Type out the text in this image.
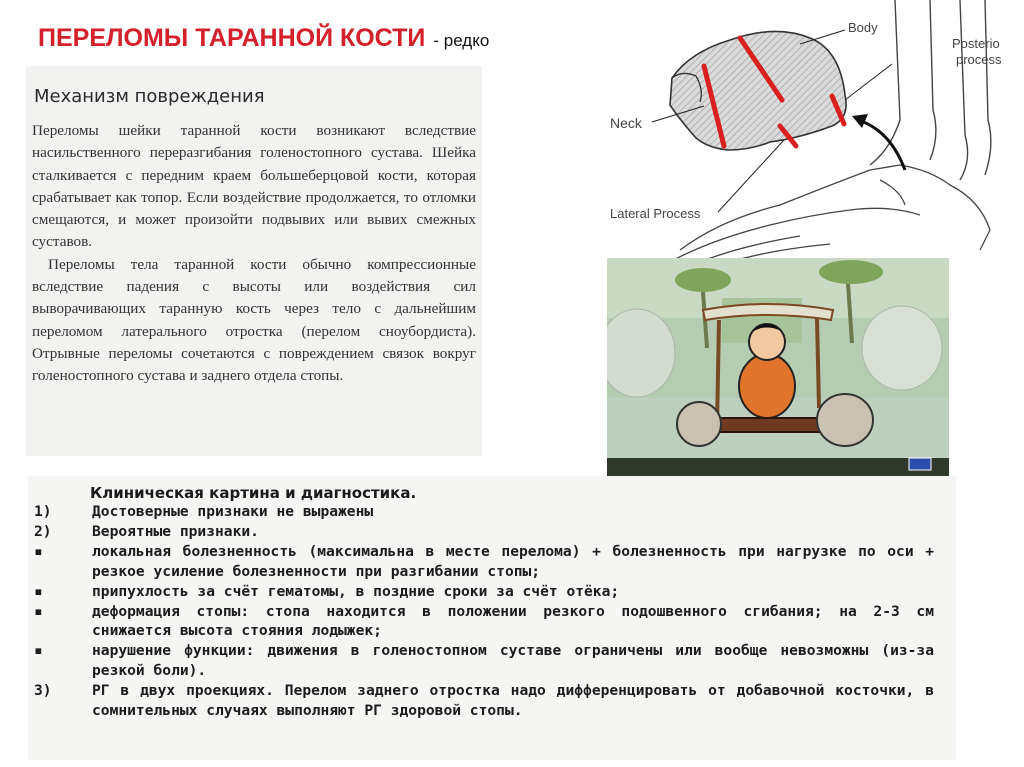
ПЕРЕЛОМЫ ТАРАННОЙ КОСТИ - редко
Механизм повреждения

Переломы шейки таранной кости возникают вследствие насильственного переразгибания голеностопного сустава. Шейка сталкивается с передним краем большеберцовой кости, которая срабатывает как топор. Если воздействие продолжается, то отломки смещаются, и может произойти подвывих или вывих смежных суставов.

Переломы тела таранной кости обычно компрессионные вследствие падения с высоты или воздействия сил выворачивающих таранную кость через тело с дальнейшим переломом латерального отростка (перелом сноубордиста). Отрывные переломы сочетаются с повреждением связок вокруг голеностопного сустава и заднего отдела стопы.

Body
Posterio
process
Neck
Lateral Process
Клиническая картина и диагностика.
1)	Достоверные признаки не выражены
2)	Вероятные признаки.
▪	локальная болезненность (максимальна в месте перелома) + болезненность при нагрузке по оси + резкое усиление болезненности при разгибании стопы;
▪	припухлость за счёт гематомы, в поздние сроки за счёт отёка;
▪	деформация стопы: стопа находится в положении резкого подошвенного сгибания; на 2-3 см снижается высота стояния лодыжек;
▪	нарушение функции: движения в голеностопном суставе ограничены или вообще невозможны (из-за резкой боли).
3)	РГ в двух проекциях. Перелом заднего отростка надо дифференцировать от добавочной косточки, в сомнительных случаях выполняют РГ здоровой стопы.
